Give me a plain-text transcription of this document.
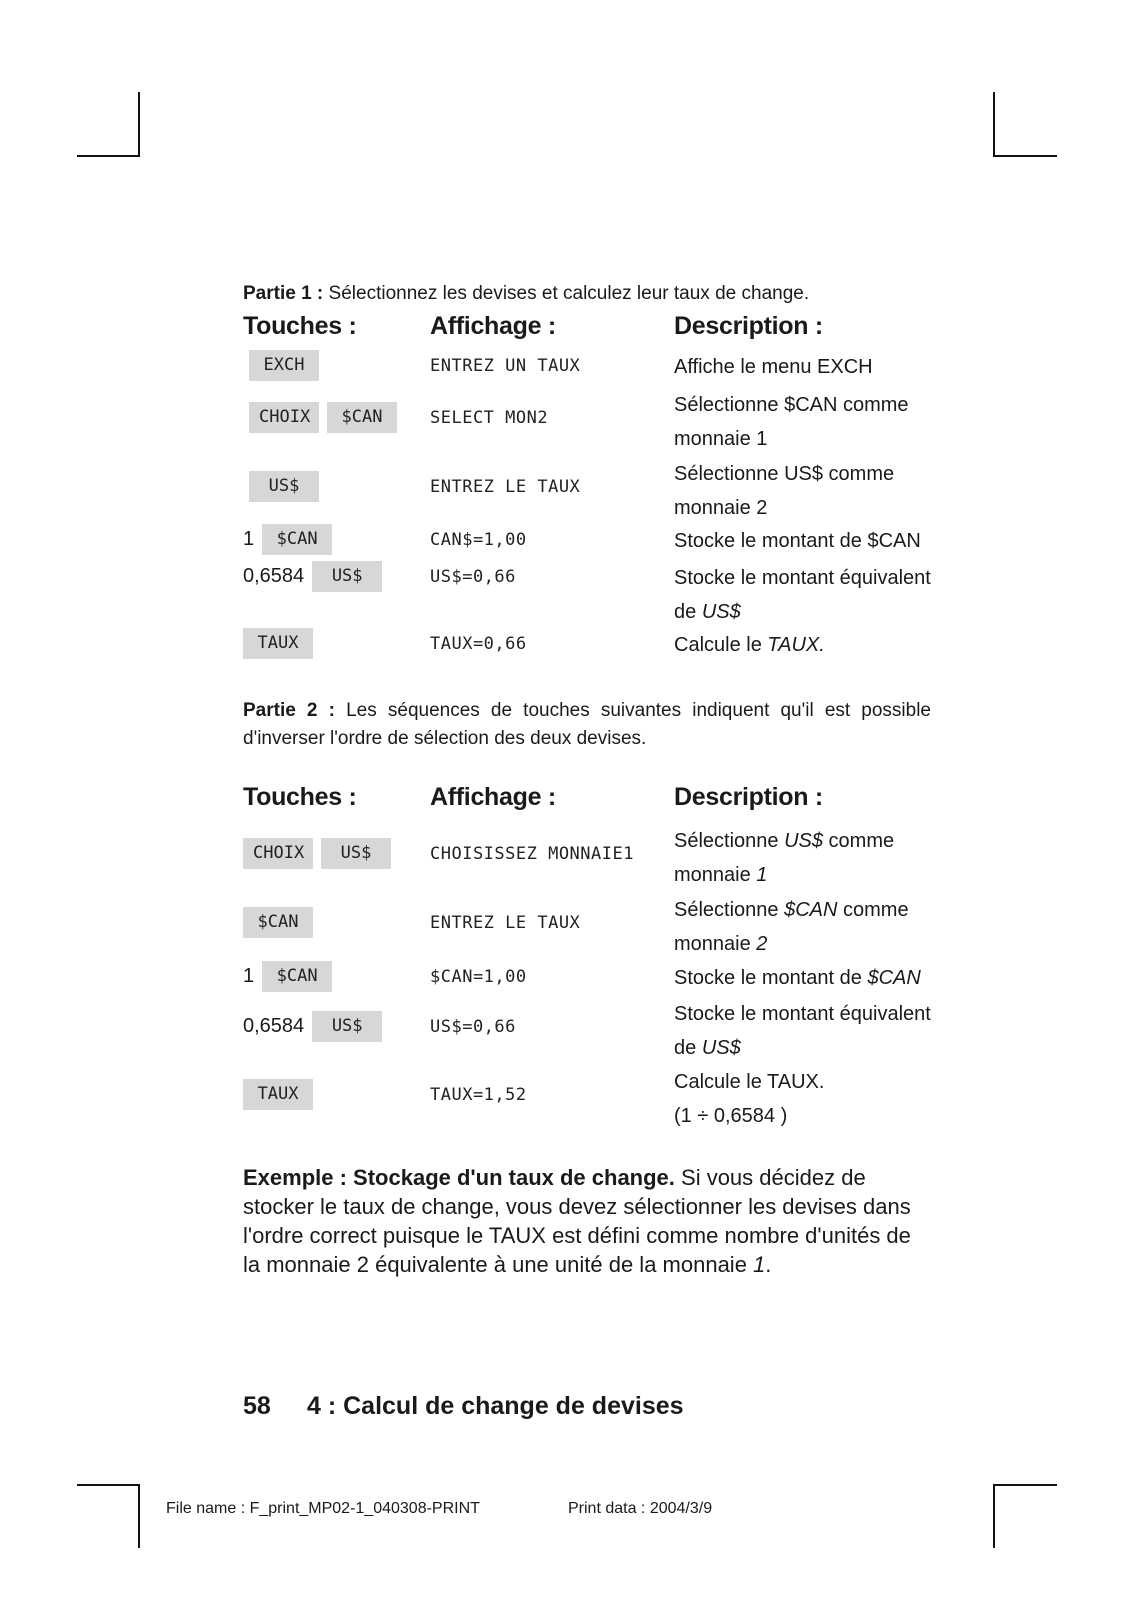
Partie 1 : Sélectionnez les devises et calculez leur taux de change.
Touches :	Affichage :	Description :
EXCH	ENTREZ UN TAUX	Affiche le menu EXCH
CHOIX	$CAN	SELECT MON2
Sélectionne $CAN comme
monnaie 1
US$	ENTREZ LE TAUX
Sélectionne US$ comme
monnaie 2
1	$CAN	CAN$=1,00	Stocke le montant de $CAN
0,6584	US$	US$=0,66	Stocke le montant équivalent
de US$
TAUX	TAUX=0,66	Calcule le TAUX.
Partie 2 : Les séquences de touches suivantes indiquent qu'il est possible d'inverser l'ordre de sélection des deux devises.
Touches :	Affichage :	Description :
CHOIX	US$	CHOISISSEZ MONNAIE1
Sélectionne US$ comme
monnaie 1
$CAN	ENTREZ LE TAUX
Sélectionne $CAN comme
monnaie 2
1	$CAN	$CAN=1,00	Stocke le montant de $CAN
0,6584	US$	US$=0,66
Stocke le montant équivalent
de US$
TAUX	TAUX=1,52
Calcule le TAUX.
(1 ÷ 0,6584 )
Exemple : Stockage d'un taux de change. Si vous décidez de stocker le taux de change, vous devez sélectionner les devises dans l'ordre correct puisque le TAUX est défini comme nombre d'unités de la monnaie 2 équivalente à une unité de la monnaie 1.
58 4 : Calcul de change de devises
File name : F_print_MP02-1_040308-PRINT	Print data : 2004/3/9
